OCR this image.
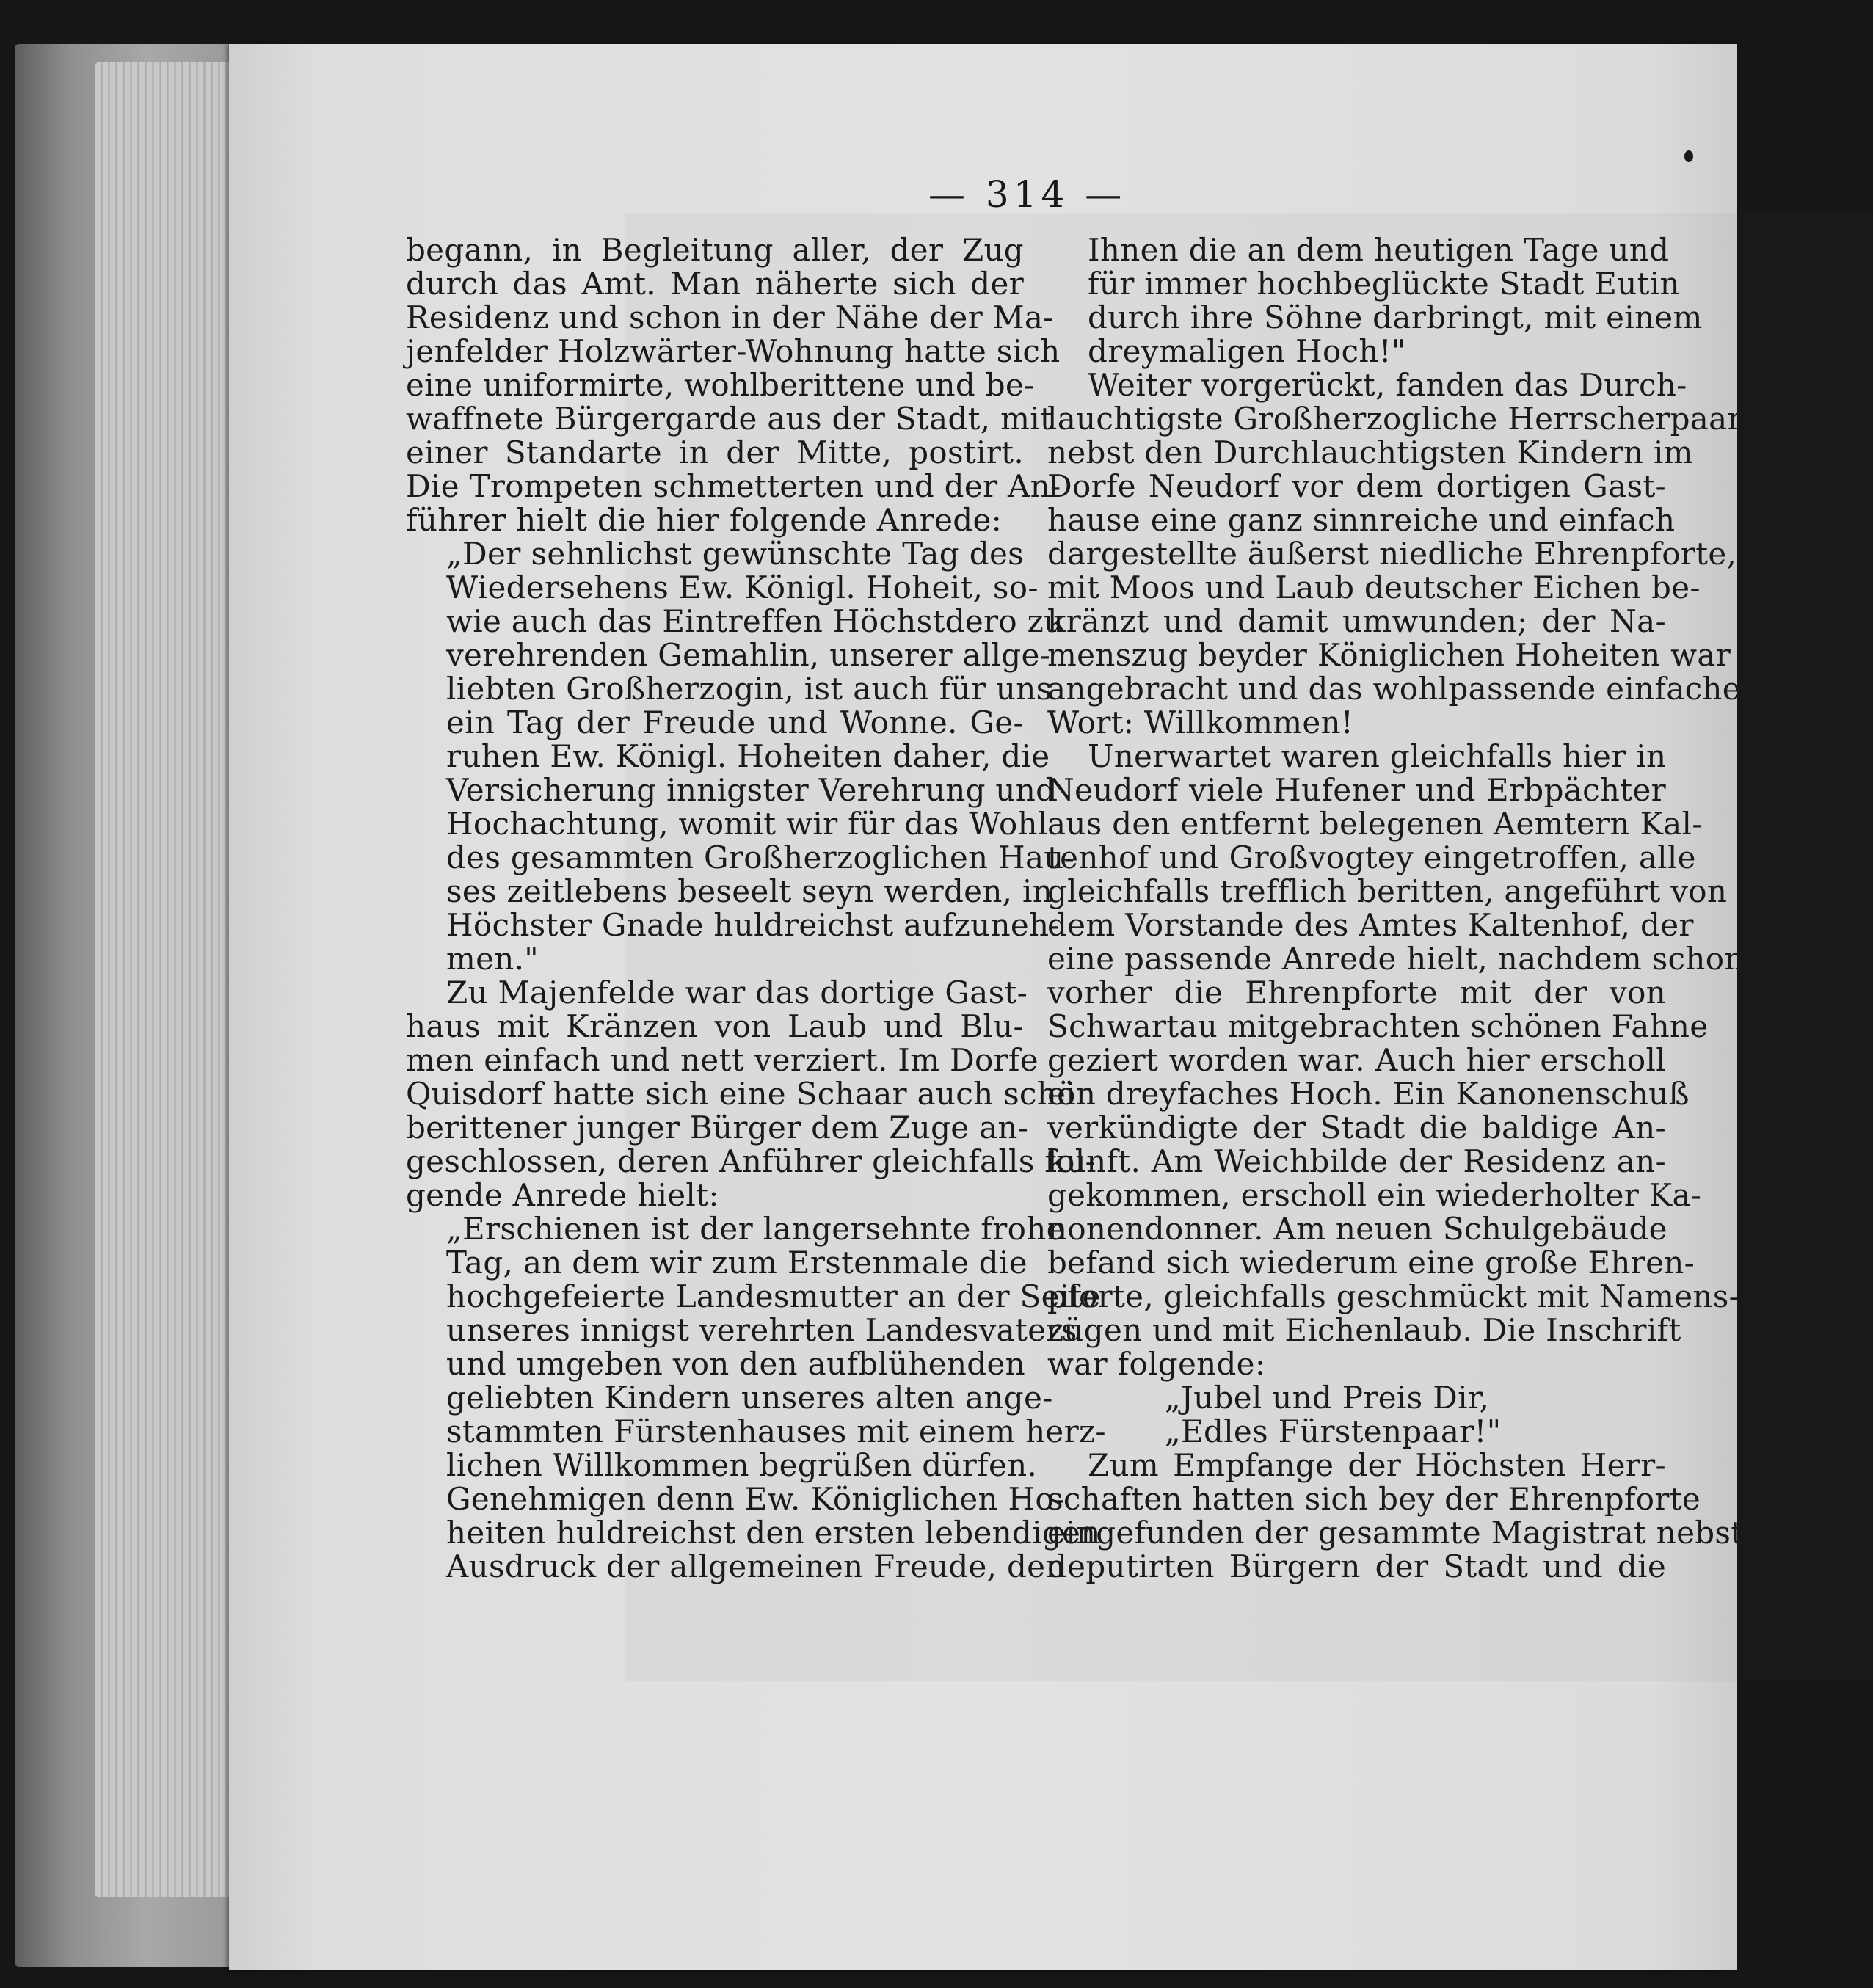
— 314 —
begann, in Begleitung aller, der Zug
durch das Amt. Man näherte sich der
Residenz und schon in der Nähe der Ma-
jenfelder Holzwärter-Wohnung hatte sich
eine uniformirte, wohlberittene und be-
waffnete Bürgergarde aus der Stadt, mit
einer Standarte in der Mitte, postirt.
Die Trompeten schmetterten und der An-
führer hielt die hier folgende Anrede:
„Der sehnlichst gewünschte Tag des
Wiedersehens Ew. Königl. Hoheit, so-
wie auch das Eintreffen Höchstdero zu
verehrenden Gemahlin, unserer allge-
liebten Großherzogin, ist auch für uns
ein Tag der Freude und Wonne. Ge-
ruhen Ew. Königl. Hoheiten daher, die
Versicherung innigster Verehrung und
Hochachtung, womit wir für das Wohl
des gesammten Großherzoglichen Hau-
ses zeitlebens beseelt seyn werden, in
Höchster Gnade huldreichst aufzuneh-
men."
Zu Majenfelde war das dortige Gast-
haus mit Kränzen von Laub und Blu-
men einfach und nett verziert. Im Dorfe
Quisdorf hatte sich eine Schaar auch schön
berittener junger Bürger dem Zuge an-
geschlossen, deren Anführer gleichfalls fol-
gende Anrede hielt:
„Erschienen ist der langersehnte frohe
Tag, an dem wir zum Erstenmale die
hochgefeierte Landesmutter an der Seite
unseres innigst verehrten Landesvaters
und umgeben von den aufblühenden
geliebten Kindern unseres alten ange-
stammten Fürstenhauses mit einem herz-
lichen Willkommen begrüßen dürfen.
Genehmigen denn Ew. Königlichen Ho-
heiten huldreichst den ersten lebendigen
Ausdruck der allgemeinen Freude, den
Ihnen die an dem heutigen Tage und
für immer hochbeglückte Stadt Eutin
durch ihre Söhne darbringt, mit einem
dreymaligen Hoch!"
Weiter vorgerückt, fanden das Durch-
lauchtigste Großherzogliche Herrscherpaar
nebst den Durchlauchtigsten Kindern im
Dorfe Neudorf vor dem dortigen Gast-
hause eine ganz sinnreiche und einfach
dargestellte äußerst niedliche Ehrenpforte,
mit Moos und Laub deutscher Eichen be-
kränzt und damit umwunden; der Na-
menszug beyder Königlichen Hoheiten war
angebracht und das wohlpassende einfache
Wort: Willkommen!
Unerwartet waren gleichfalls hier in
Neudorf viele Hufener und Erbpächter
aus den entfernt belegenen Aemtern Kal-
tenhof und Großvogtey eingetroffen, alle
gleichfalls trefflich beritten, angeführt von
dem Vorstande des Amtes Kaltenhof, der
eine passende Anrede hielt, nachdem schon
vorher die Ehrenpforte mit der von
Schwartau mitgebrachten schönen Fahne
geziert worden war. Auch hier erscholl
ein dreyfaches Hoch. Ein Kanonenschuß
verkündigte der Stadt die baldige An-
kunft. Am Weichbilde der Residenz an-
gekommen, erscholl ein wiederholter Ka-
nonendonner. Am neuen Schulgebäude
befand sich wiederum eine große Ehren-
pforte, gleichfalls geschmückt mit Namens-
zügen und mit Eichenlaub. Die Inschrift
war folgende:
„Jubel und Preis Dir,
„Edles Fürstenpaar!"
Zum Empfange der Höchsten Herr-
schaften hatten sich bey der Ehrenpforte
eingefunden der gesammte Magistrat nebst
deputirten Bürgern der Stadt und die
